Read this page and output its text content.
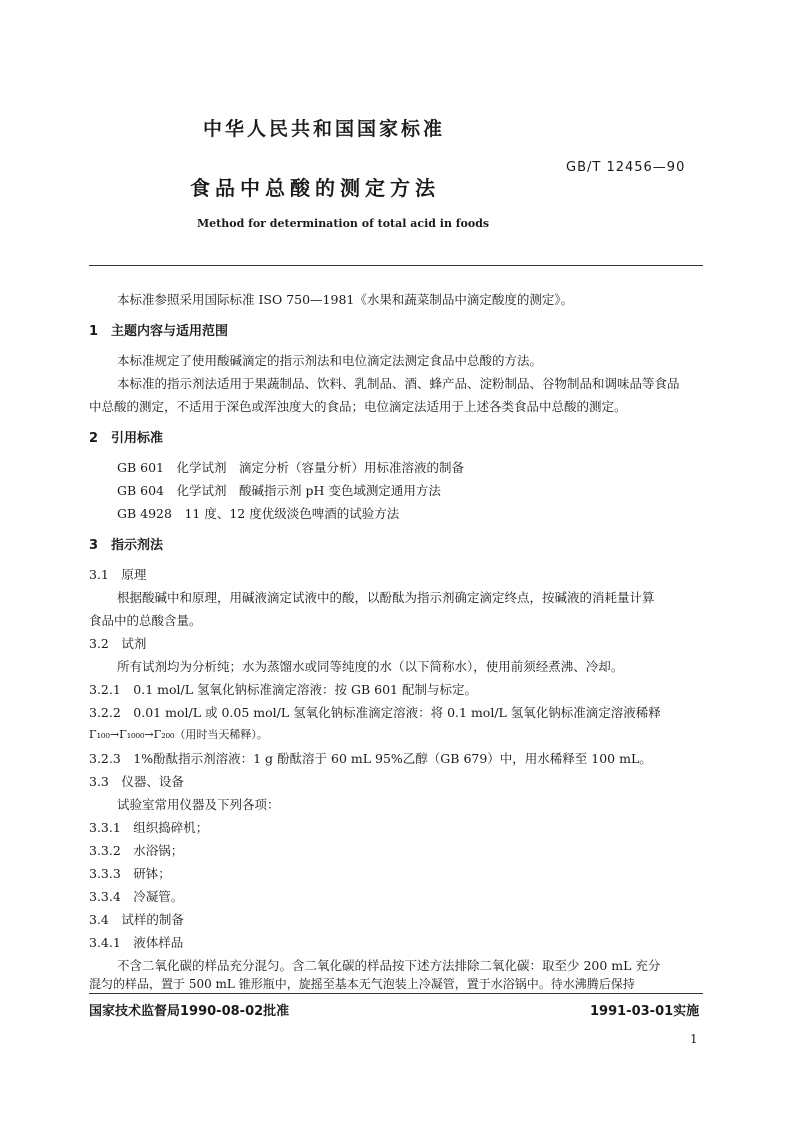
中华人民共和国国家标准
GB/T 12456—90
食品中总酸的测定方法
Method for determination of total acid in foods
本标准参照采用国际标准 ISO 750—1981《水果和蔬菜制品中滴定酸度的测定》。
1　主题内容与适用范围
本标准规定了使用酸碱滴定的指示剂法和电位滴定法测定食品中总酸的方法。
本标准的指示剂法适用于果蔬制品、饮料、乳制品、酒、蜂产品、淀粉制品、谷物制品和调味品等食品
中总酸的测定，不适用于深色或浑浊度大的食品；电位滴定法适用于上述各类食品中总酸的测定。
2　引用标准
GB 601　化学试剂　滴定分析（容量分析）用标准溶液的制备
GB 604　化学试剂　酸碱指示剂 pH 变色域测定通用方法
GB 4928　11 度、12 度优级淡色啤酒的试验方法
3　指示剂法
3.1　原理
根据酸碱中和原理，用碱液滴定试液中的酸，以酚酞为指示剂确定滴定终点，按碱液的消耗量计算
食品中的总酸含量。
3.2　试剂
所有试剂均为分析纯；水为蒸馏水或同等纯度的水（以下简称水），使用前须经煮沸、冷却。
3.2.1　0.1 mol/L 氢氧化钠标准滴定溶液：按 GB 601 配制与标定。
3.2.2　0.01 mol/L 或 0.05 mol/L 氢氧化钠标准滴定溶液：将 0.1 mol/L 氢氧化钠标准滴定溶液稀释
Γ₁₀₀→Γ₁₀₀₀→Γ₂₀₀（用时当天稀释）。
3.2.3　1%酚酞指示剂溶液：1 g 酚酞溶于 60 mL 95%乙醇（GB 679）中，用水稀释至 100 mL。
3.3　仪器、设备
试验室常用仪器及下列各项：
3.3.1　组织捣碎机；
3.3.2　水浴锅；
3.3.3　研钵；
3.3.4　冷凝管。
3.4　试样的制备
3.4.1　液体样品
不含二氧化碳的样品充分混匀。含二氧化碳的样品按下述方法排除二氧化碳：取至少 200 mL 充分
混匀的样品，置于 500 mL 锥形瓶中，旋摇至基本无气泡装上冷凝管，置于水浴锅中。待水沸腾后保持
国家技术监督局1990-08-02批准	1991-03-01实施
1
